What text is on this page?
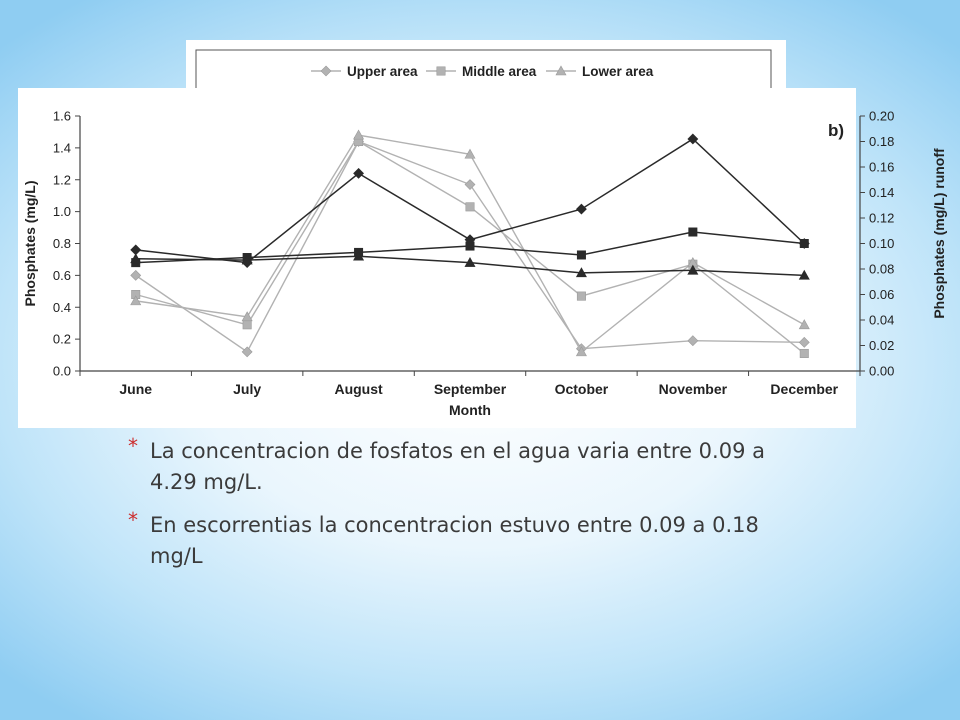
Upper area	Middle area	Lower area
0.0
0.2
0.4
0.6
0.8
1.0
1.2
1.4
1.6
0.00
0.02
0.04
0.06
0.08
0.10
0.12
0.14
0.16
0.18
0.20
June	July	August	September	October	November	December
Month
Phosphates (mg/L)	Phosphates (mg/L) runoff
b)
* La concentracion de fosfatos en el agua varia entre 0.09 a 4.29 mg/L.
* En escorrentias la concentracion estuvo entre 0.09 a 0.18 mg/L
